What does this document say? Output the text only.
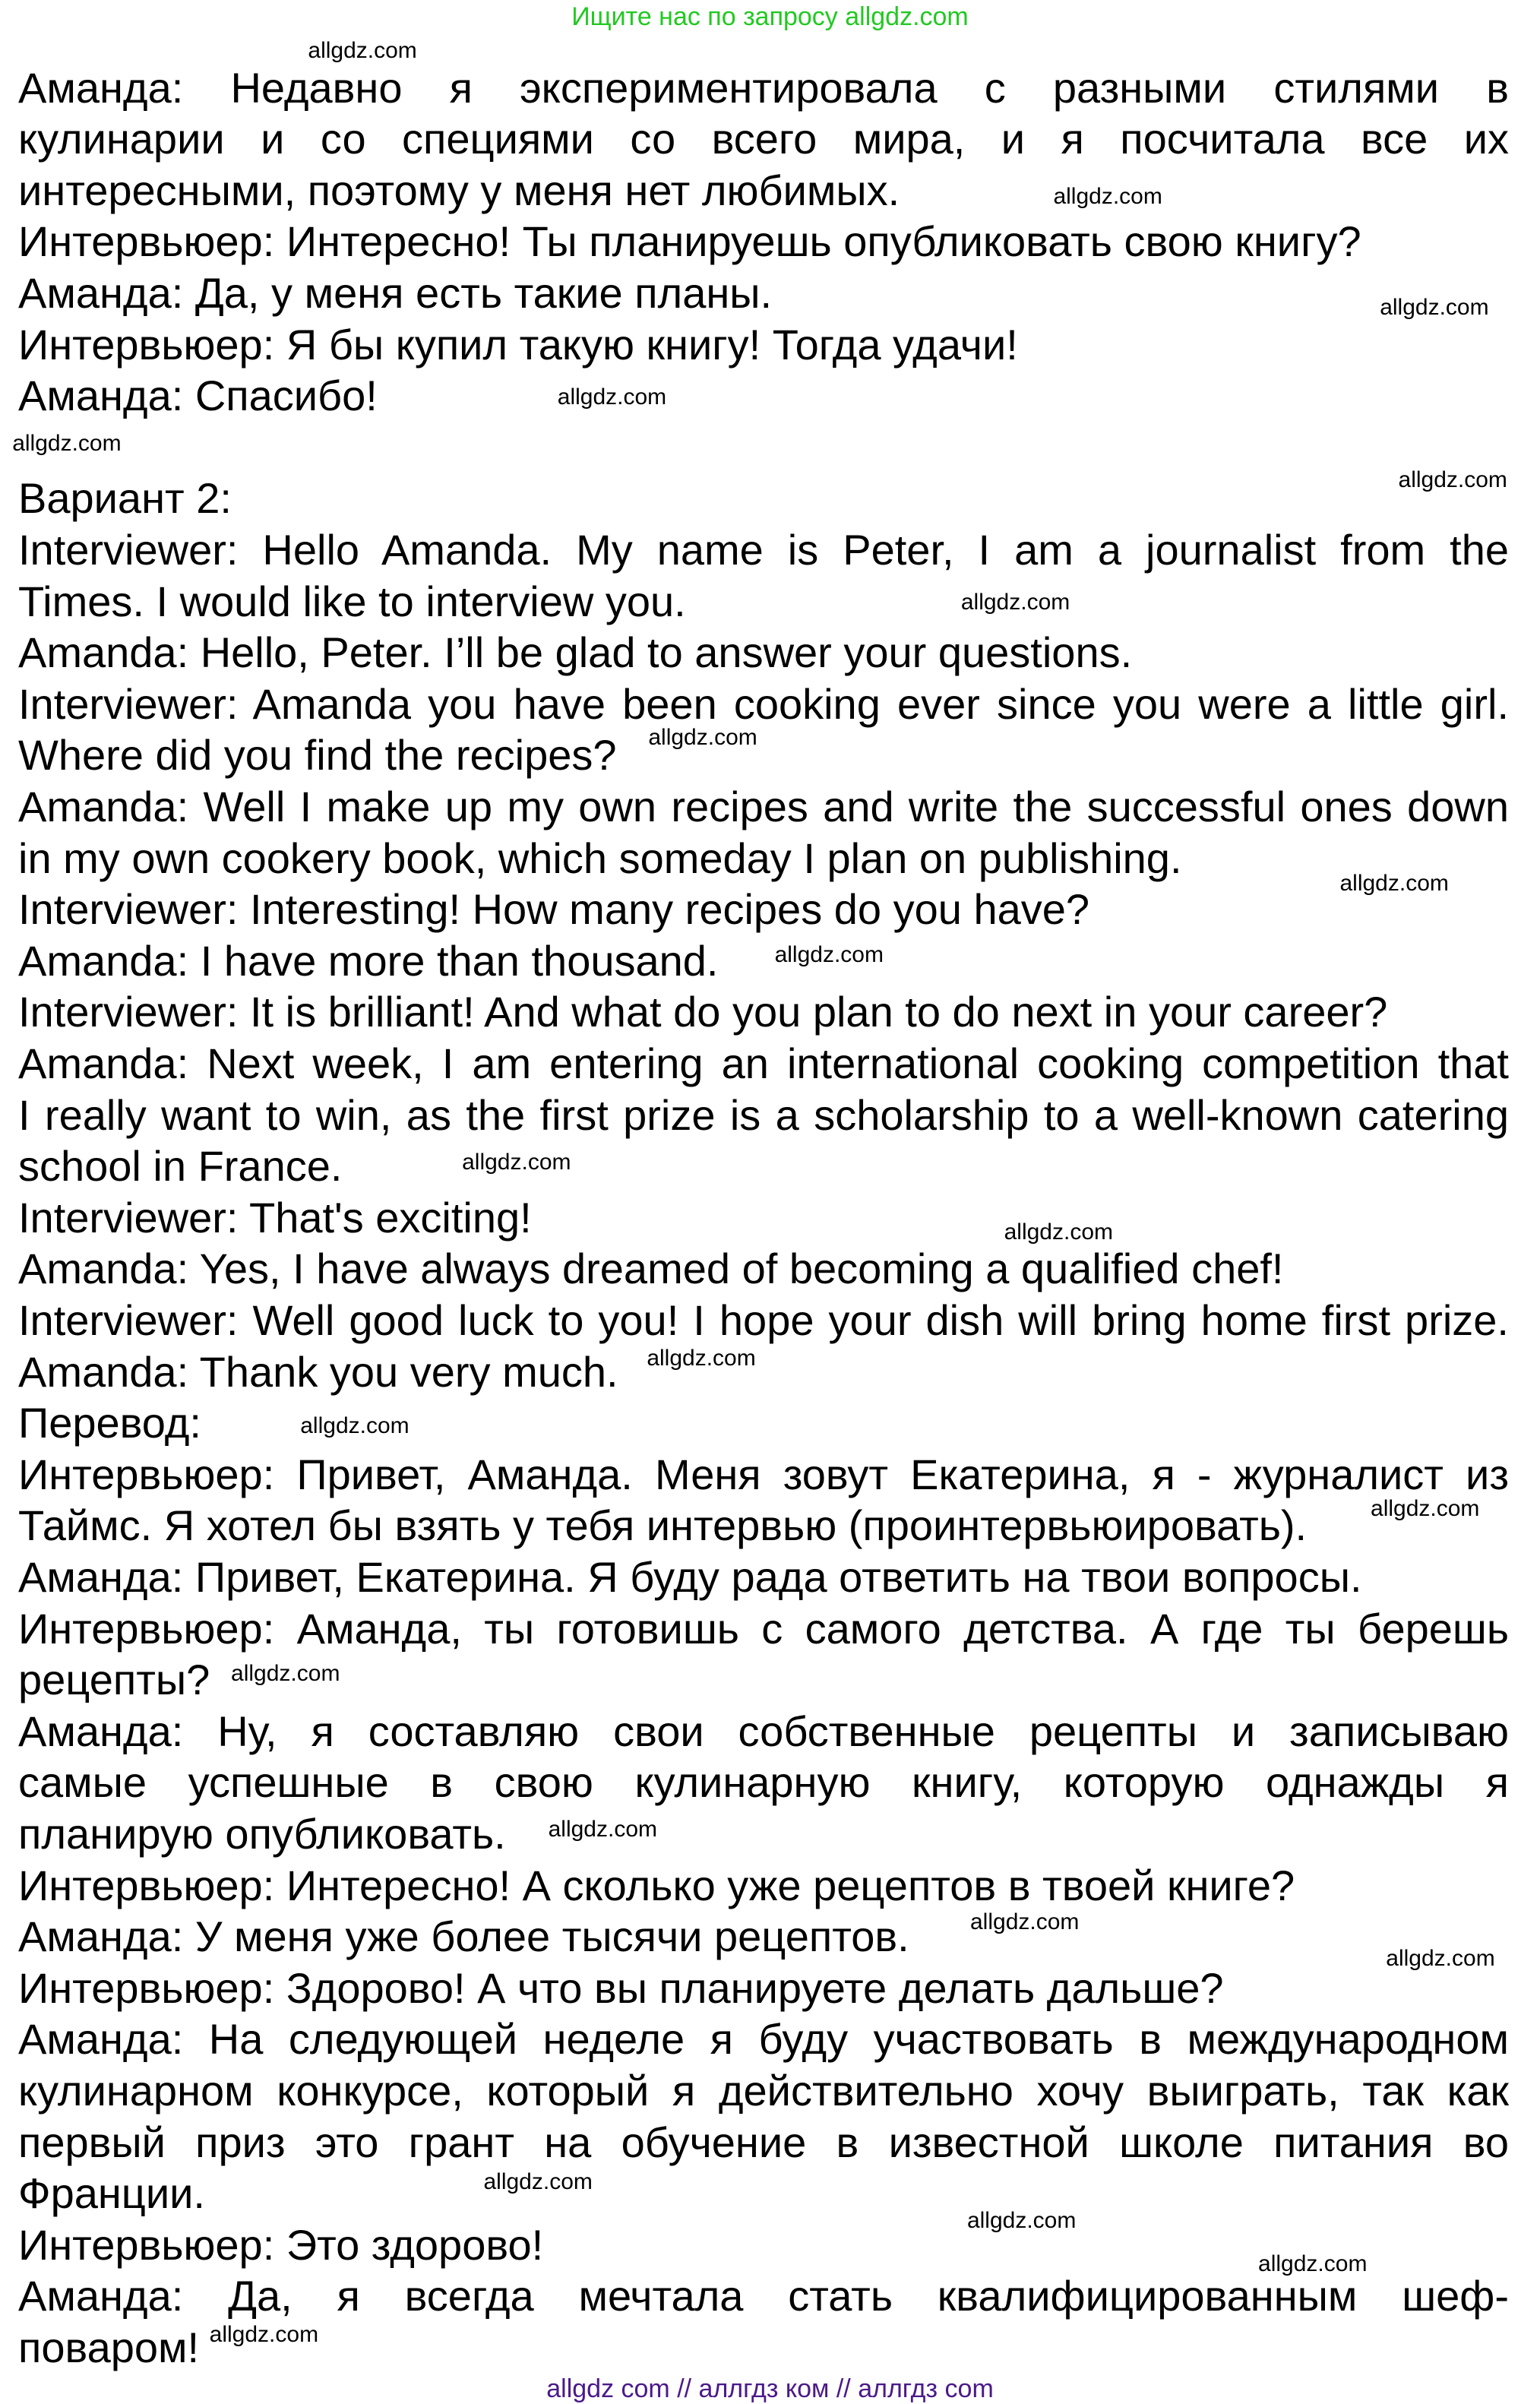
Ищите нас по запросу allgdz.com
Аманда: Недавно я экспериментировала с разными стилями в
кулинарии и со специями со всего мира, и я посчитала все их
интересными, поэтому у меня нет любимых.
Интервьюер: Интересно! Ты планируешь опубликовать свою книгу?
Аманда: Да, у меня есть такие планы.
Интервьюер: Я бы купил такую книгу! Тогда удачи!
Аманда: Спасибо!
Вариант 2:
Interviewer: Hello Amanda. My name is Peter, I am a journalist from the
Times. I would like to interview you.
Amanda: Hello, Peter. I’ll be glad to answer your questions.
Interviewer: Amanda you have been cooking ever since you were a little girl.
Where did you find the recipes?
Amanda: Well I make up my own recipes and write the successful ones down
in my own cookery book, which someday I plan on publishing.
Interviewer: Interesting! How many recipes do you have?
Amanda: I have more than thousand.
Interviewer: It is brilliant! And what do you plan to do next in your career?
Amanda: Next week, I am entering an international cooking competition that
I really want to win, as the first prize is a scholarship to a well-known catering
school in France.
Interviewer: That's exciting!
Amanda: Yes, I have always dreamed of becoming a qualified chef!
Interviewer: Well good luck to you! I hope your dish will bring home first prize.
Amanda: Thank you very much.
Перевод:
Интервьюер: Привет, Аманда. Меня зовут Екатерина, я - журналист из
Таймс. Я хотел бы взять у тебя интервью (проинтервьюировать).
Аманда: Привет, Екатерина. Я буду рада ответить на твои вопросы.
Интервьюер: Аманда, ты готовишь с самого детства. А где ты берешь
рецепты?
Аманда: Ну, я составляю свои собственные рецепты и записываю
самые успешные в свою кулинарную книгу, которую однажды я
планирую опубликовать.
Интервьюер: Интересно! А сколько уже рецептов в твоей книге?
Аманда: У меня уже более тысячи рецептов.
Интервьюер: Здорово! А что вы планируете делать дальше?
Аманда: На следующей неделе я буду участвовать в международном
кулинарном конкурсе, который я действительно хочу выиграть, так как
первый приз это грант на обучение в известной школе питания во
Франции.
Интервьюер: Это здорово!
Аманда: Да, я всегда мечтала стать квалифицированным шеф-
поваром!
allgdz.com
allgdz.com
allgdz.com
allgdz.com
allgdz.com
allgdz.com
allgdz.com
allgdz.com
allgdz.com
allgdz.com
allgdz.com
allgdz.com
allgdz.com
allgdz.com
allgdz.com
allgdz.com
allgdz.com
allgdz.com
allgdz.com
allgdz.com
allgdz.com
allgdz.com
allgdz.com
allgdz com // аллгдз ком // аллгдз com
